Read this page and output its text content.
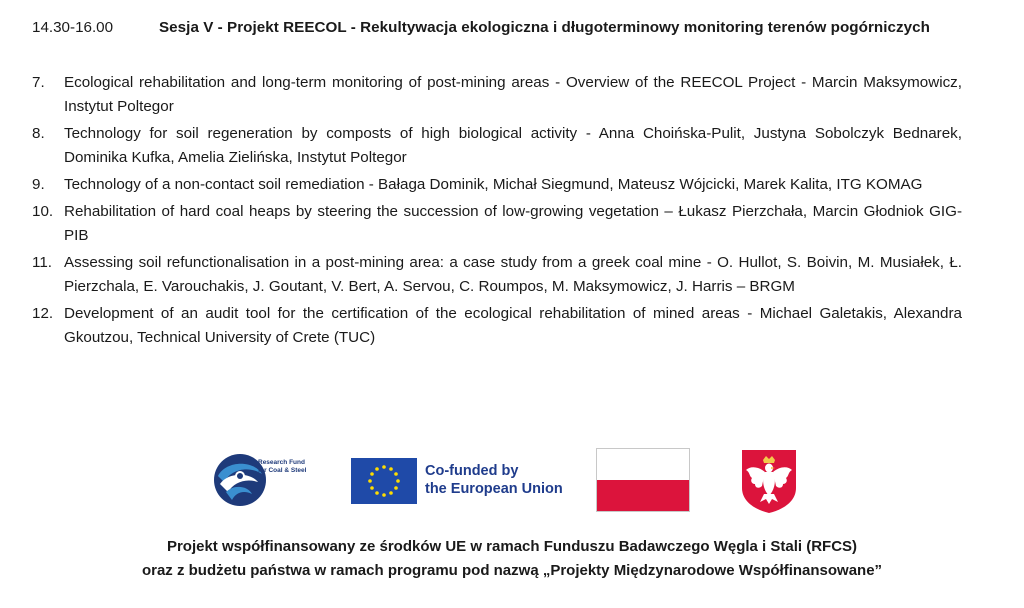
14.30-16.00	Sesja V - Projekt REECOL - Rekultywacja ekologiczna i długoterminowy monitoring terenów pogórniczych
7. Ecological rehabilitation and long-term monitoring of post-mining areas - Overview of the REECOL Project - Marcin Maksymowicz, Instytut Poltegor
8. Technology for soil regeneration by composts of high biological activity - Anna Choińska-Pulit, Justyna Sobolczyk Bednarek, Dominika Kufka, Amelia Zielińska, Instytut Poltegor
9. Technology of a non-contact soil remediation - Bałaga Dominik, Michał Siegmund, Mateusz Wójcicki, Marek Kalita, ITG KOMAG
10. Rehabilitation of hard coal heaps by steering the succession of low-growing vegetation – Łukasz Pierzchała, Marcin Głodniok GIG- PIB
11. Assessing soil refunctionalisation in a post-mining area: a case study from a greek coal mine - O. Hullot, S. Boivin, M. Musiałek, Ł. Pierzchala, E. Varouchakis, J. Goutant, V. Bert, A. Servou, C. Roumpos, M. Maksymowicz, J. Harris – BRGM
12. Development of an audit tool for the certification of the ecological rehabilitation of mined areas - Michael Galetakis, Alexandra Gkoutzou, Technical University of Crete (TUC)
Research Fund
for Coal & Steel	Co-funded by
the European Union
Projekt współfinansowany ze środków UE w ramach Funduszu Badawczego Węgla i Stali (RFCS)
oraz z budżetu państwa w ramach programu pod nazwą „Projekty Międzynarodowe Współfinansowane”
